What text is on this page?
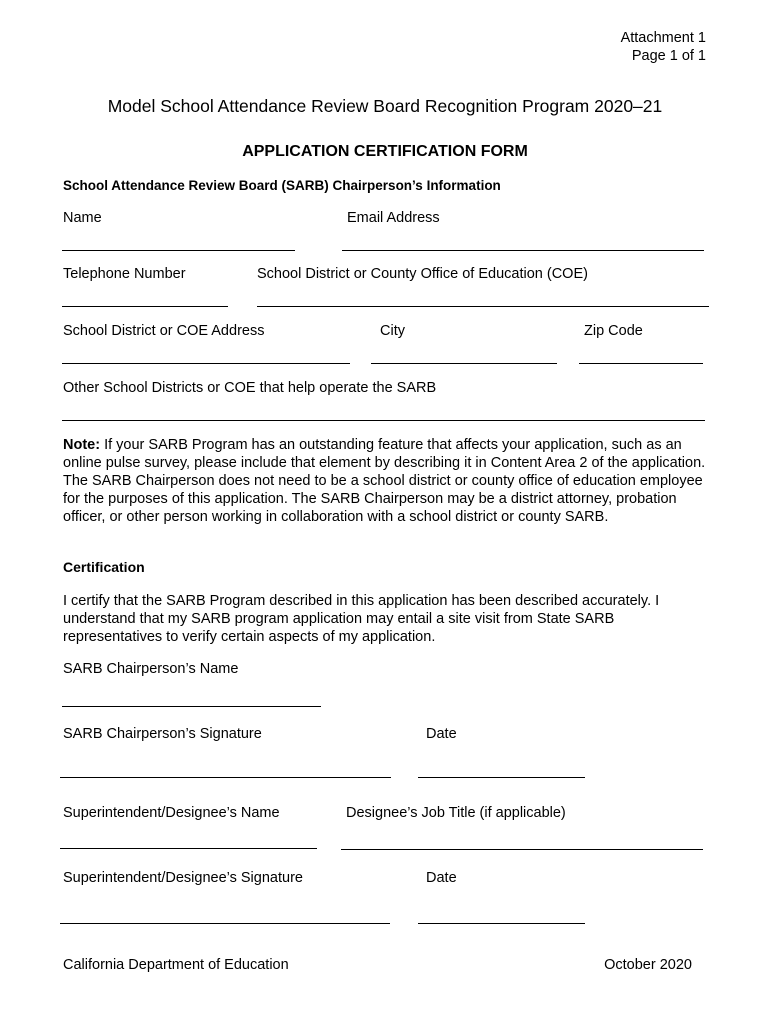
Attachment 1
Page 1 of 1
Model School Attendance Review Board Recognition Program 2020–21
APPLICATION CERTIFICATION FORM
School Attendance Review Board (SARB) Chairperson’s Information
Name	Email Address
Telephone Number	School District or County Office of Education (COE)
School District or COE Address	City	Zip Code
Other School Districts or COE that help operate the SARB
Note: If your SARB Program has an outstanding feature that affects your application, such as an online pulse survey, please include that element by describing it in Content Area 2 of the application. The SARB Chairperson does not need to be a school district or county office of education employee for the purposes of this application. The SARB Chairperson may be a district attorney, probation officer, or other person working in collaboration with a school district or county SARB.
Certification
I certify that the SARB Program described in this application has been described accurately. I understand that my SARB program application may entail a site visit from State SARB representatives to verify certain aspects of my application.
SARB Chairperson’s Name
SARB Chairperson’s Signature	Date
Superintendent/Designee’s Name	Designee’s Job Title (if applicable)
Superintendent/Designee’s Signature	Date
California Department of Education	October 2020
